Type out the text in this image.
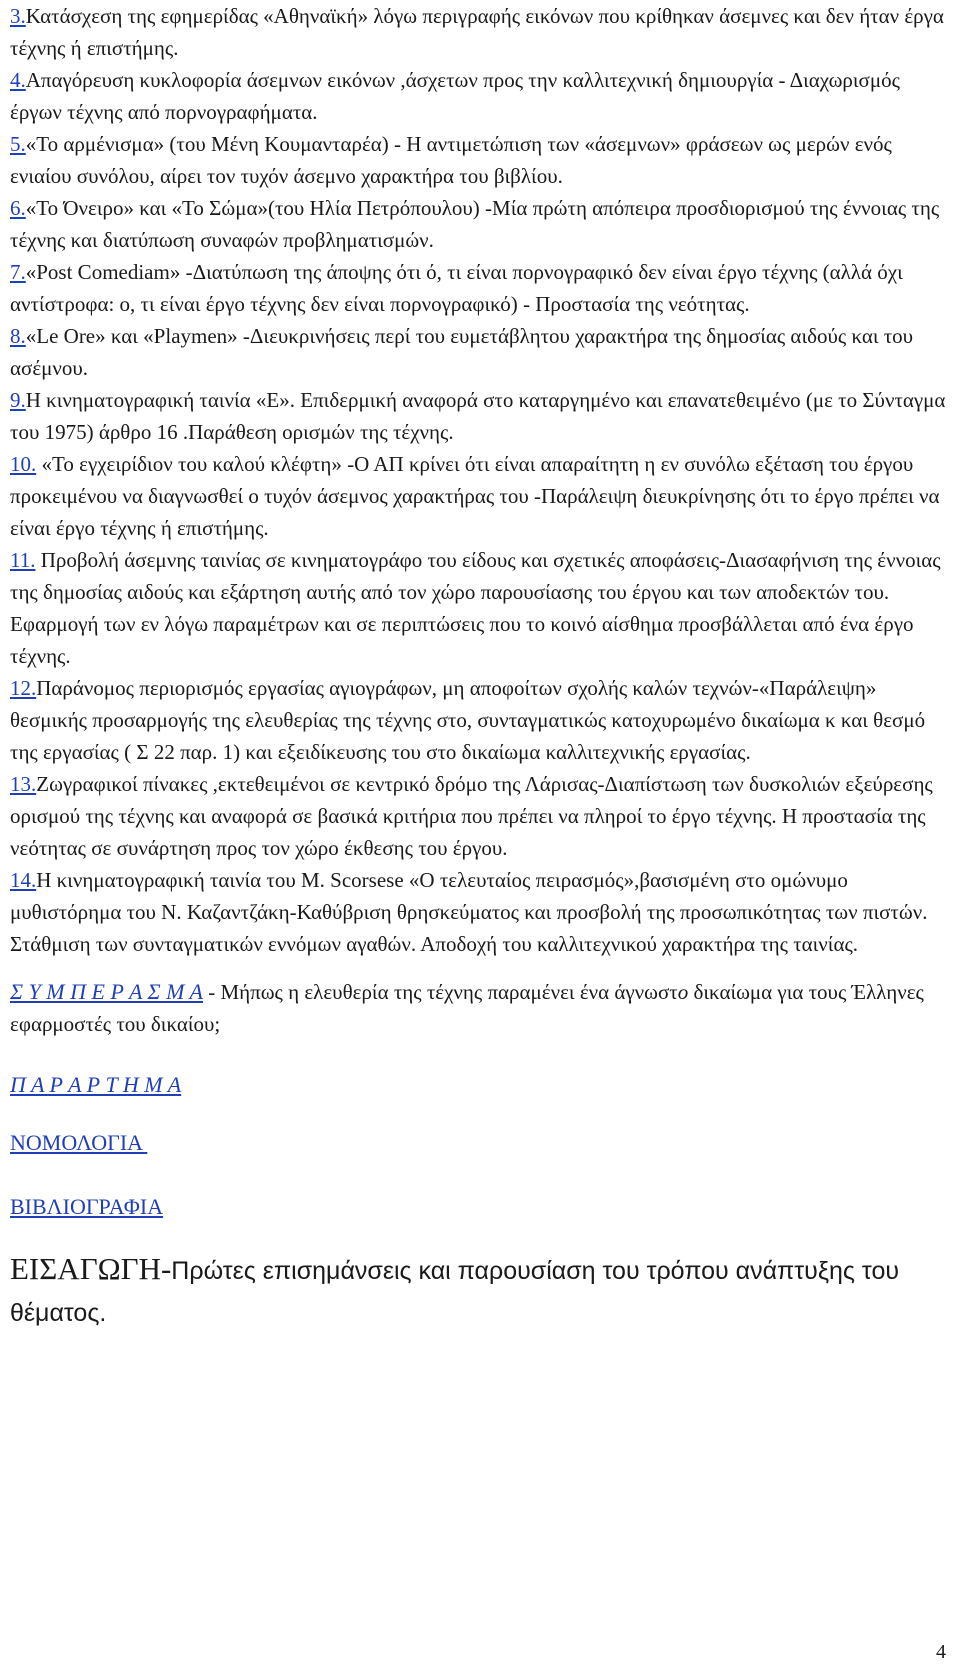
3.Κατάσχεση της εφημερίδας «Αθηναϊκή» λόγω περιγραφής εικόνων που κρίθηκαν άσεμνες και δεν ήταν έργα τέχνης ή επιστήμης.

4.Απαγόρευση κυκλοφορία άσεμνων εικόνων ,άσχετων προς την καλλιτεχνική δημιουργία - Διαχωρισμός έργων τέχνης από πορνογραφήματα.

5.«Το αρμένισμα» (του Μένη Κουμανταρέα) - Η αντιμετώπιση των «άσεμνων» φράσεων ως μερών ενός ενιαίου συνόλου, αίρει τον τυχόν άσεμνο χαρακτήρα του βιβλίου.

6.«Το Όνειρο» και «Το Σώμα»(του Ηλία Πετρόπουλου) -Μία πρώτη απόπειρα προσδιορισμού της έννοιας της τέχνης και διατύπωση συναφών προβληματισμών.

7.«Post Comediam» -Διατύπωση της άποψης ότι ό, τι είναι πορνογραφικό δεν είναι έργο τέχνης (αλλά όχι αντίστροφα: ο, τι είναι έργο τέχνης δεν είναι πορνογραφικό) - Προστασία της νεότητας.

8.«Le Ore» και «Playmen» -Διευκρινήσεις περί του ευμετάβλητου χαρακτήρα της δημοσίας αιδούς και του ασέμνου.

9.Η κινηματογραφική ταινία «Ε». Επιδερμική αναφορά στο καταργημένο και επανατεθειμένο (με το Σύνταγμα του 1975) άρθρο 16 .Παράθεση ορισμών της τέχνης.

10. «Το εγχειρίδιον του καλού κλέφτη» -Ο ΑΠ κρίνει ότι είναι απαραίτητη η εν συνόλω εξέταση του έργου προκειμένου να διαγνωσθεί ο τυχόν άσεμνος χαρακτήρας του -Παράλειψη διευκρίνησης ότι το έργο πρέπει να είναι έργο τέχνης ή επιστήμης.

11. Προβολή άσεμνης ταινίας σε κινηματογράφο του είδους και σχετικές αποφάσεις-Διασαφήνιση της έννοιας της δημοσίας αιδούς και εξάρτηση αυτής από τον χώρο παρουσίασης του έργου και των αποδεκτών του. Εφαρμογή των εν λόγω παραμέτρων και σε περιπτώσεις που το κοινό αίσθημα προσβάλλεται από ένα έργο τέχνης.

12.Παράνομος περιορισμός εργασίας αγιογράφων, μη αποφοίτων σχολής καλών τεχνών-«Παράλειψη» θεσμικής προσαρμογής της ελευθερίας της τέχνης στο, συνταγματικώς κατοχυρωμένο δικαίωμα κ και θεσμό της εργασίας ( Σ 22 παρ. 1) και εξειδίκευσης του στο δικαίωμα καλλιτεχνικής εργασίας.

13.Ζωγραφικοί πίνακες ,εκτεθειμένοι σε κεντρικό δρόμο της Λάρισας-Διαπίστωση των δυσκολιών εξεύρεσης ορισμού της τέχνης και αναφορά σε βασικά κριτήρια που πρέπει να πληροί το έργο τέχνης. Η προστασία της νεότητας σε συνάρτηση προς τον χώρο έκθεσης του έργου.

14.Η κινηματογραφική ταινία του M. Scorsese «Ο τελευταίος πειρασμός»,βασισμένη στο ομώνυμο μυθιστόρημα του Ν. Καζαντζάκη-Καθύβριση θρησκεύματος και προσβολή της προσωπικότητας των πιστών. Στάθμιση των συνταγματικών εννόμων αγαθών. Αποδοχή του καλλιτεχνικού χαρακτήρα της ταινίας.

Σ Υ Μ Π Ε Ρ Α Σ Μ Α - Μήπως η ελευθερία της τέχνης παραμένει ένα άγνωστο δικαίωμα για τους Έλληνες εφαρμοστές του δικαίου;
Π Α Ρ Α Ρ Τ Η Μ Α
ΝΟΜΟΛΟΓΙΑ
ΒΙΒΛΙΟΓΡΑΦΙΑ
ΕΙΣΑΓΩΓΗ-Πρώτες επισημάνσεις και παρουσίαση του τρόπου ανάπτυξης του θέματος.
4
